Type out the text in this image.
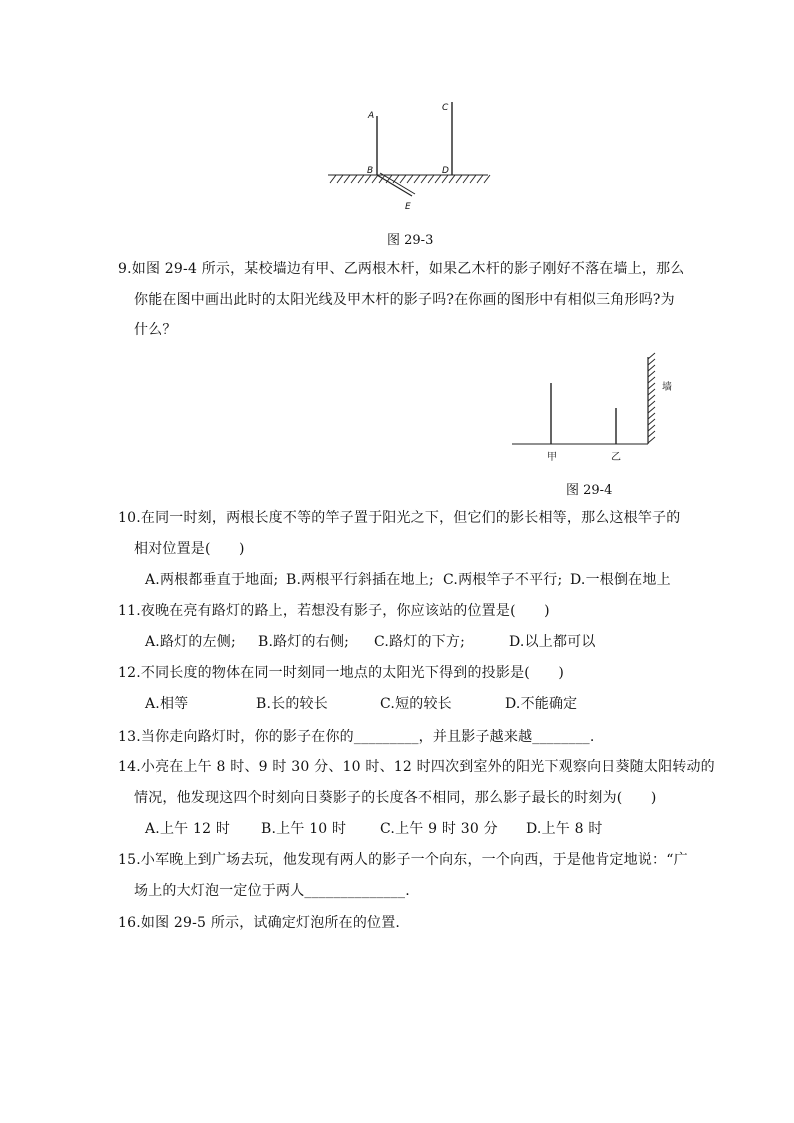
A
B
C
D
E
图 29-3
9.如图 29-4 所示，某校墙边有甲、乙两根木杆，如果乙木杆的影子刚好不落在墙上，那么
你能在图中画出此时的太阳光线及甲木杆的影子吗?在你画的图形中有相似三角形吗?为
什么？
墙
甲	乙
图 29-4
10.在同一时刻，两根长度不等的竿子置于阳光之下，但它们的影长相等，那么这根竿子的
相对位置是(　　)
A.两根都垂直于地面; B.两根平行斜插在地上; C.两根竿子不平行; D.一根倒在地上
11.夜晚在亮有路灯的路上，若想没有影子，你应该站的位置是(　　)
A.路灯的左侧; B.路灯的右侧; C.路灯的下方;	D.以上都可以
12.不同长度的物体在同一时刻同一地点的太阳光下得到的投影是(　　)
A.相等	B.长的较长	C.短的较长	D.不能确定
13.当你走向路灯时，你的影子在你的_________，并且影子越来越________.
14.小亮在上午 8 时、9 时 30 分、10 时、12 时四次到室外的阳光下观察向日葵随太阳转动的
情况，他发现这四个时刻向日葵影子的长度各不相同，那么影子最长的时刻为(　　)
A.上午 12 时 B.上午 10 时 C.上午 9 时 30 分 D.上午 8 时
15.小军晚上到广场去玩，他发现有两人的影子一个向东，一个向西，于是他肯定地说：“广
场上的大灯泡一定位于两人______________.
16.如图 29-5 所示，试确定灯泡所在的位置.
